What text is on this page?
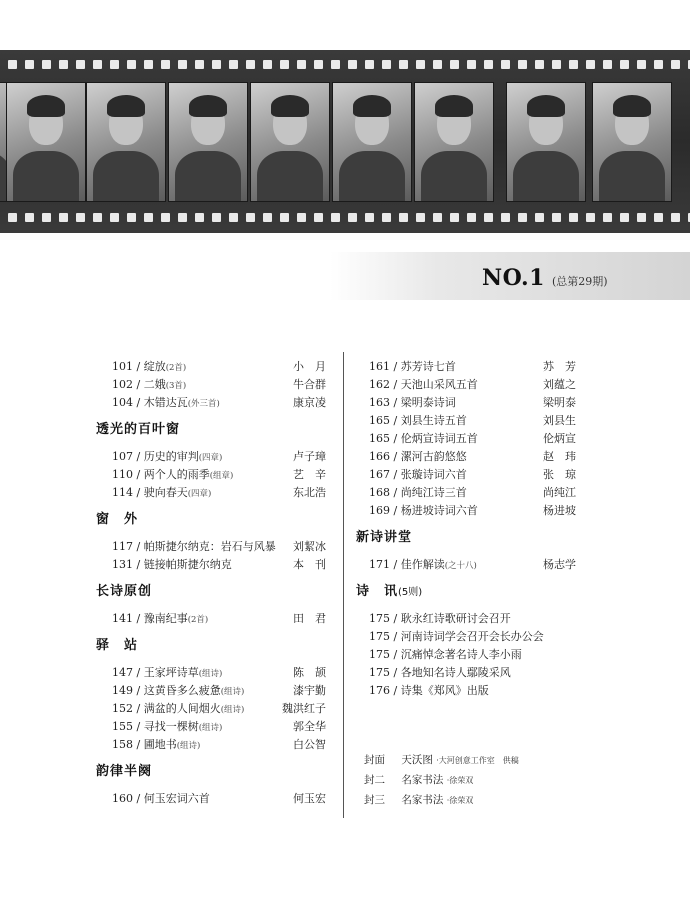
NO.1 (总第29期)
101 / 绽放(2首)	小　月
102 / 二娥(3首)	牛合群
104 / 木错达瓦(外三首)	康京凌
透光的百叶窗
107 / 历史的审判(四章)	卢子璋
110 / 两个人的雨季(组章)	艺　辛
114 / 驶向春天(四章)	东北浩
窗　外
117 / 帕斯捷尔纳克：岩石与风暴 刘絜冰
131 / 链接帕斯捷尔纳克	本　刊
长诗原创
141 / 豫南纪事(2首)	田　君
驿　站
147 / 王家坪诗草(组诗)	陈　颉
149 / 这黄昏多么疲惫(组诗)	漆宇勤
152 / 满盆的人间烟火(组诗)	魏洪红子
155 / 寻找一棵树(组诗)	郭全华
158 / 圃地书(组诗)	白公智
韵律半阕
160 / 何玉宏词六首	何玉宏
161 / 苏芳诗七首	苏　芳
162 / 天池山采风五首	刘蕴之
163 / 梁明泰诗词	梁明泰
165 / 刘县生诗五首	刘县生
165 / 伦炳宣诗词五首	伦炳宣
166 / 漯河古韵悠悠	赵　玮
167 / 张璇诗词六首	张　琼
168 / 尚纯江诗三首	尚纯江
169 / 杨进坡诗词六首	杨进坡
新诗讲堂
171 / 佳作解读(之十八)	杨志学
诗　讯(5则)
175 / 耿永红诗歌研讨会召开
175 / 河南诗词学会召开会长办公会
175 / 沉痛悼念著名诗人李小雨
175 / 各地知名诗人鄢陵采风
176 / 诗集《郑风》出版
封面 天沃图 ·大河创意工作室　供稿
封二 名家书法 ·徐荣双
封三 名家书法 ·徐荣双
